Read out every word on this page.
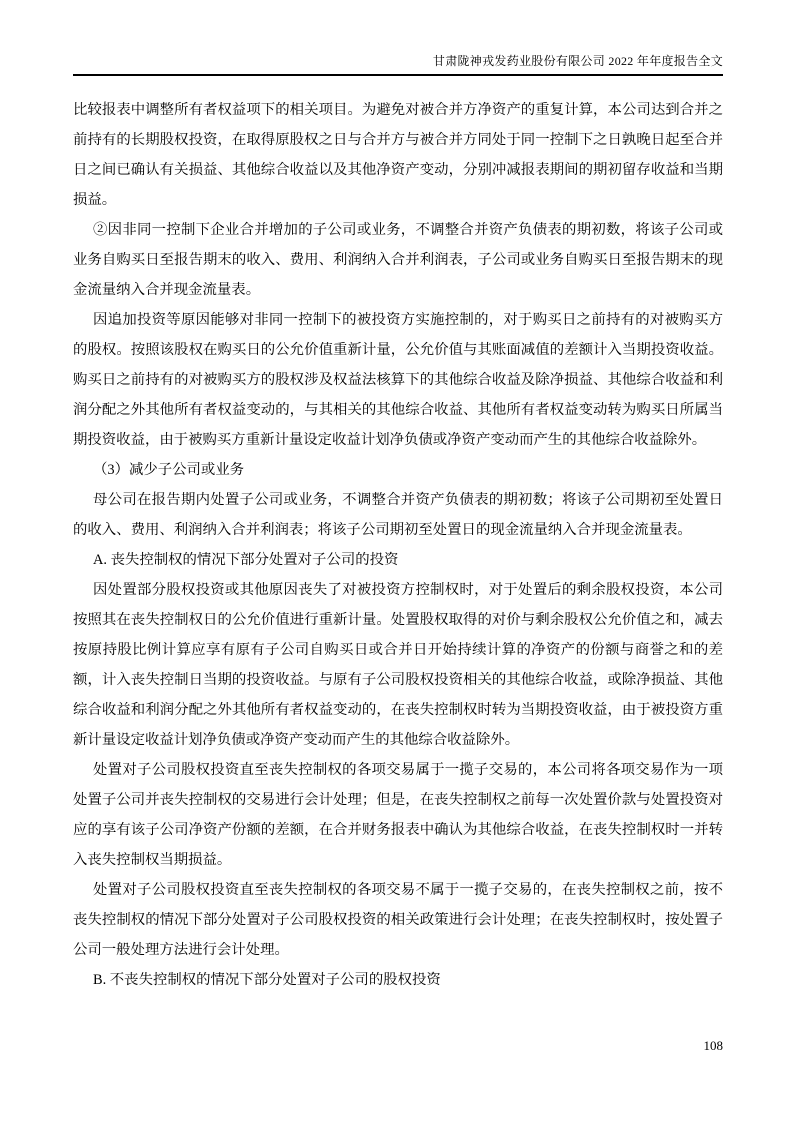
甘肃陇神戎发药业股份有限公司 2022 年年度报告全文

比较报表中调整所有者权益项下的相关项目。为避免对被合并方净资产的重复计算，本公司达到合并之前持有的长期股权投资，在取得原股权之日与合并方与被合并方同处于同一控制下之日孰晚日起至合并日之间已确认有关损益、其他综合收益以及其他净资产变动，分别冲减报表期间的期初留存收益和当期损益。

②因非同一控制下企业合并增加的子公司或业务，不调整合并资产负债表的期初数，将该子公司或业务自购买日至报告期末的收入、费用、利润纳入合并利润表，子公司或业务自购买日至报告期末的现金流量纳入合并现金流量表。

因追加投资等原因能够对非同一控制下的被投资方实施控制的，对于购买日之前持有的对被购买方的股权。按照该股权在购买日的公允价值重新计量，公允价值与其账面减值的差额计入当期投资收益。购买日之前持有的对被购买方的股权涉及权益法核算下的其他综合收益及除净损益、其他综合收益和利润分配之外其他所有者权益变动的，与其相关的其他综合收益、其他所有者权益变动转为购买日所属当期投资收益，由于被购买方重新计量设定收益计划净负债或净资产变动而产生的其他综合收益除外。

（3）减少子公司或业务

母公司在报告期内处置子公司或业务，不调整合并资产负债表的期初数；将该子公司期初至处置日的收入、费用、利润纳入合并利润表；将该子公司期初至处置日的现金流量纳入合并现金流量表。

A. 丧失控制权的情况下部分处置对子公司的投资

因处置部分股权投资或其他原因丧失了对被投资方控制权时，对于处置后的剩余股权投资，本公司按照其在丧失控制权日的公允价值进行重新计量。处置股权取得的对价与剩余股权公允价值之和，减去按原持股比例计算应享有原有子公司自购买日或合并日开始持续计算的净资产的份额与商誉之和的差额，计入丧失控制日当期的投资收益。与原有子公司股权投资相关的其他综合收益，或除净损益、其他综合收益和利润分配之外其他所有者权益变动的，在丧失控制权时转为当期投资收益，由于被投资方重新计量设定收益计划净负债或净资产变动而产生的其他综合收益除外。

处置对子公司股权投资直至丧失控制权的各项交易属于一揽子交易的，本公司将各项交易作为一项处置子公司并丧失控制权的交易进行会计处理；但是，在丧失控制权之前每一次处置价款与处置投资对应的享有该子公司净资产份额的差额，在合并财务报表中确认为其他综合收益，在丧失控制权时一并转入丧失控制权当期损益。

处置对子公司股权投资直至丧失控制权的各项交易不属于一揽子交易的，在丧失控制权之前，按不丧失控制权的情况下部分处置对子公司股权投资的相关政策进行会计处理；在丧失控制权时，按处置子公司一般处理方法进行会计处理。

B. 不丧失控制权的情况下部分处置对子公司的股权投资

108
